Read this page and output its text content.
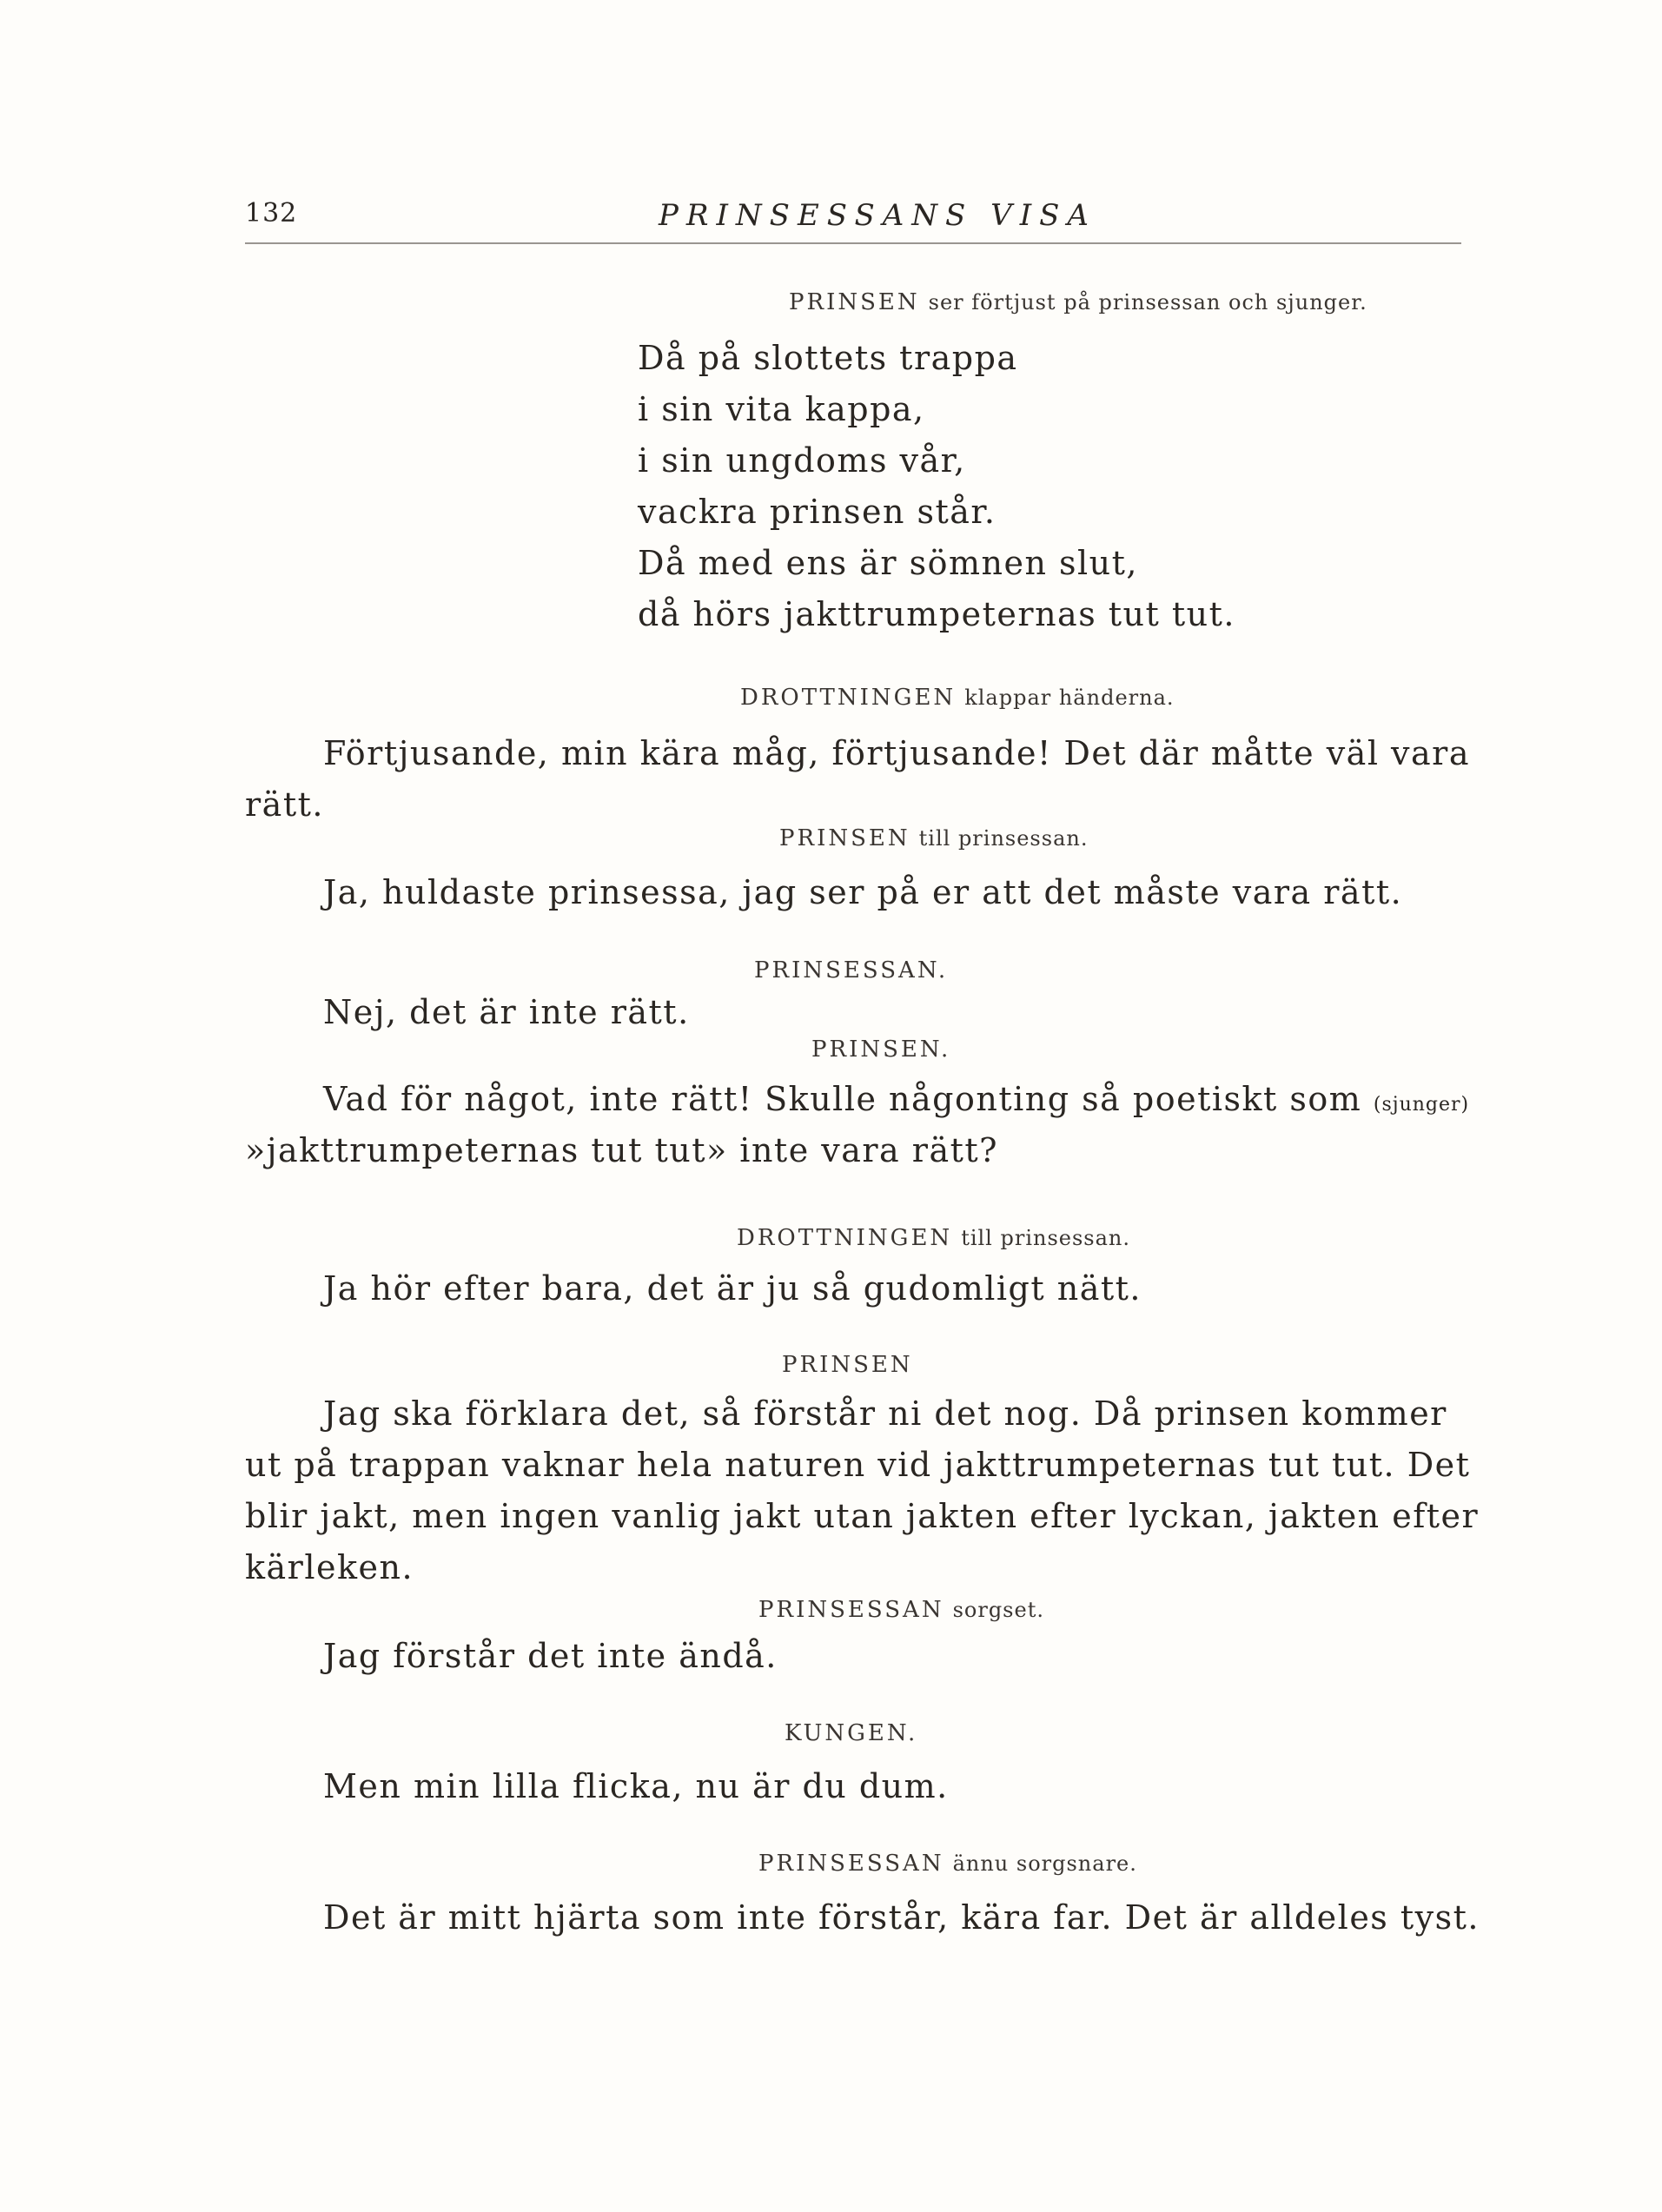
132	PRINSESSANS VISA
PRINSEN ser förtjust på prinsessan och sjunger.
Då på slottets trappa
i sin vita kappa,
i sin ungdoms vår,
vackra prinsen står.
Då med ens är sömnen slut,
då hörs jakttrumpeternas tut tut.
DROTTNINGEN klappar händerna.
Förtjusande, min kära måg, förtjusande! Det där måtte väl vara
rätt.
PRINSEN till prinsessan.
Ja, huldaste prinsessa, jag ser på er att det måste vara rätt.
PRINSESSAN.
Nej, det är inte rätt.
PRINSEN.
Vad för något, inte rätt! Skulle någonting så poetiskt som (sjunger)
»jakttrumpeternas tut tut» inte vara rätt?
DROTTNINGEN till prinsessan.
Ja hör efter bara, det är ju så gudomligt nätt.
PRINSEN
Jag ska förklara det, så förstår ni det nog. Då prinsen kommer
ut på trappan vaknar hela naturen vid jakttrumpeternas tut tut. Det
blir jakt, men ingen vanlig jakt utan jakten efter lyckan, jakten efter
kärleken.
PRINSESSAN sorgset.
Jag förstår det inte ändå.
KUNGEN.
Men min lilla flicka, nu är du dum.
PRINSESSAN ännu sorgsnare.
Det är mitt hjärta som inte förstår, kära far. Det är alldeles tyst.
